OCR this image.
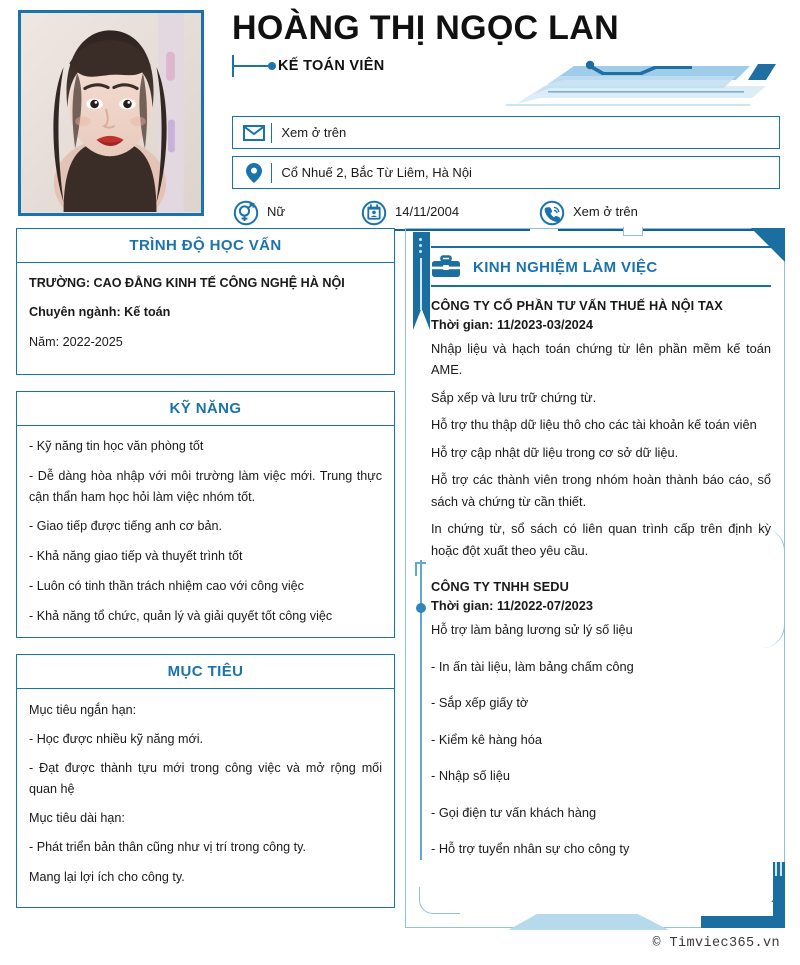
HOÀNG THỊ NGỌC LAN
KẾ TOÁN VIÊN
Xem ở trên
Cổ Nhuế 2, Bắc Từ Liêm, Hà Nội
Nữ	14/11/2004	Xem ở trên
TRÌNH ĐỘ HỌC VẤN

TRƯỜNG: CAO ĐẲNG KINH TẾ CÔNG NGHỆ HÀ NỘI

Chuyên ngành: Kế toán

Năm: 2022-2025

KỸ NĂNG

- Kỹ năng tin học văn phòng tốt

- Dễ dàng hòa nhập với môi trường làm việc mới. Trung thực cận thẩn ham học hỏi làm việc nhóm tốt.

- Giao tiếp được tiếng anh cơ bản.

- Khả năng giao tiếp và thuyết trình tốt

- Luôn có tinh thần trách nhiệm cao với công việc

- Khả năng tổ chức, quản lý và giải quyết tốt công việc

MỤC TIÊU

Mục tiêu ngắn hạn:

- Học được nhiều kỹ năng mới.

- Đạt được thành tựu mới trong công việc và mở rộng mối quan hệ

Mục tiêu dài hạn:

- Phát triển bản thân cũng như vị trí trong công ty.

Mang lại lợi ích cho công ty.

KINH NGHIỆM LÀM VIỆC
CÔNG TY CỔ PHẦN TƯ VẤN THUẾ HÀ NỘI TAX

Thời gian: 11/2023-03/2024

Nhập liệu và hạch toán chứng từ lên phần mềm kế toán AME.

Sắp xếp và lưu trữ chứng từ.

Hỗ trợ thu thập dữ liệu thô cho các tài khoản kế toán viên

Hỗ trợ cập nhật dữ liệu trong cơ sở dữ liệu.

Hỗ trợ các thành viên trong nhóm hoàn thành báo cáo, sổ sách và chứng từ cần thiết.

In chứng từ, sổ sách có liên quan trình cấp trên định kỳ hoặc đột xuất theo yêu cầu.

CÔNG TY TNHH SEDU

Thời gian: 11/2022-07/2023

Hỗ trợ làm bảng lương sử lý số liệu

- In ấn tài liệu, làm bảng chấm công

- Sắp xếp giấy tờ

- Kiểm kê hàng hóa

- Nhập số liệu

- Gọi điện tư vấn khách hàng

- Hỗ trợ tuyển nhân sự cho công ty

© Timviec365.vn
